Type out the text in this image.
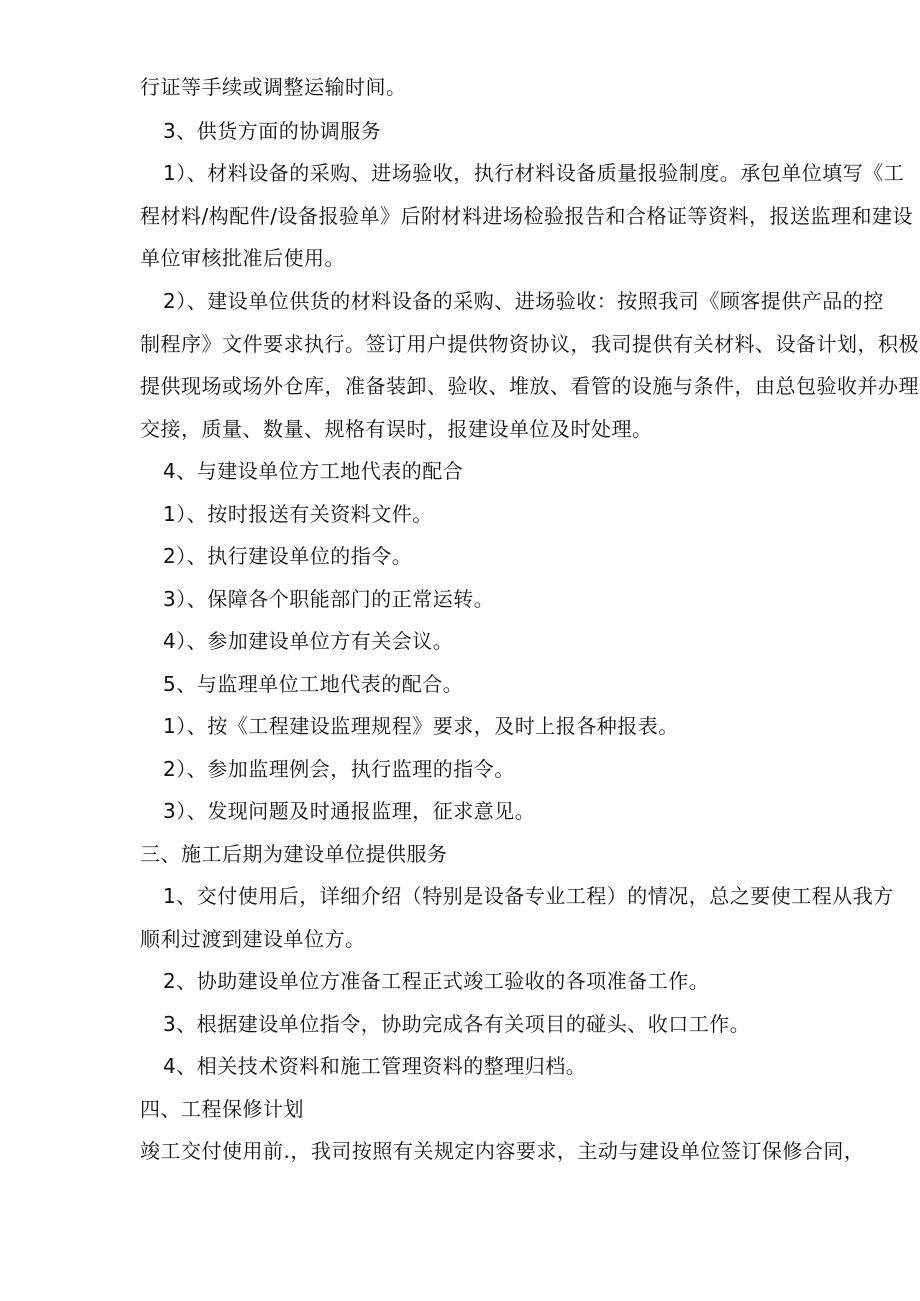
行证等手续或调整运输时间。
3、供货方面的协调服务
1）、材料设备的采购、进场验收，执行材料设备质量报验制度。承包单位填写《工
程材料/构配件/设备报验单》后附材料进场检验报告和合格证等资料，报送监理和建设
单位审核批准后使用。
2）、建设单位供货的材料设备的采购、进场验收：按照我司《顾客提供产品的控
制程序》文件要求执行。签订用户提供物资协议，我司提供有关材料、设备计划，积极
提供现场或场外仓库，准备装卸、验收、堆放、看管的设施与条件，由总包验收并办理
交接，质量、数量、规格有误时，报建设单位及时处理。
4、与建设单位方工地代表的配合
1）、按时报送有关资料文件。
2）、执行建设单位的指令。
3）、保障各个职能部门的正常运转。
4）、参加建设单位方有关会议。
5、与监理单位工地代表的配合。
1）、按《工程建设监理规程》要求，及时上报各种报表。
2）、参加监理例会，执行监理的指令。
3）、发现问题及时通报监理，征求意见。
三、施工后期为建设单位提供服务
1、交付使用后，详细介绍（特别是设备专业工程）的情况，总之要使工程从我方
顺利过渡到建设单位方。
2、协助建设单位方准备工程正式竣工验收的各项准备工作。
3、根据建设单位指令，协助完成各有关项目的碰头、收口工作。
4、相关技术资料和施工管理资料的整理归档。
四、工程保修计划
竣工交付使用前.，我司按照有关规定内容要求，主动与建设单位签订保修合同，
